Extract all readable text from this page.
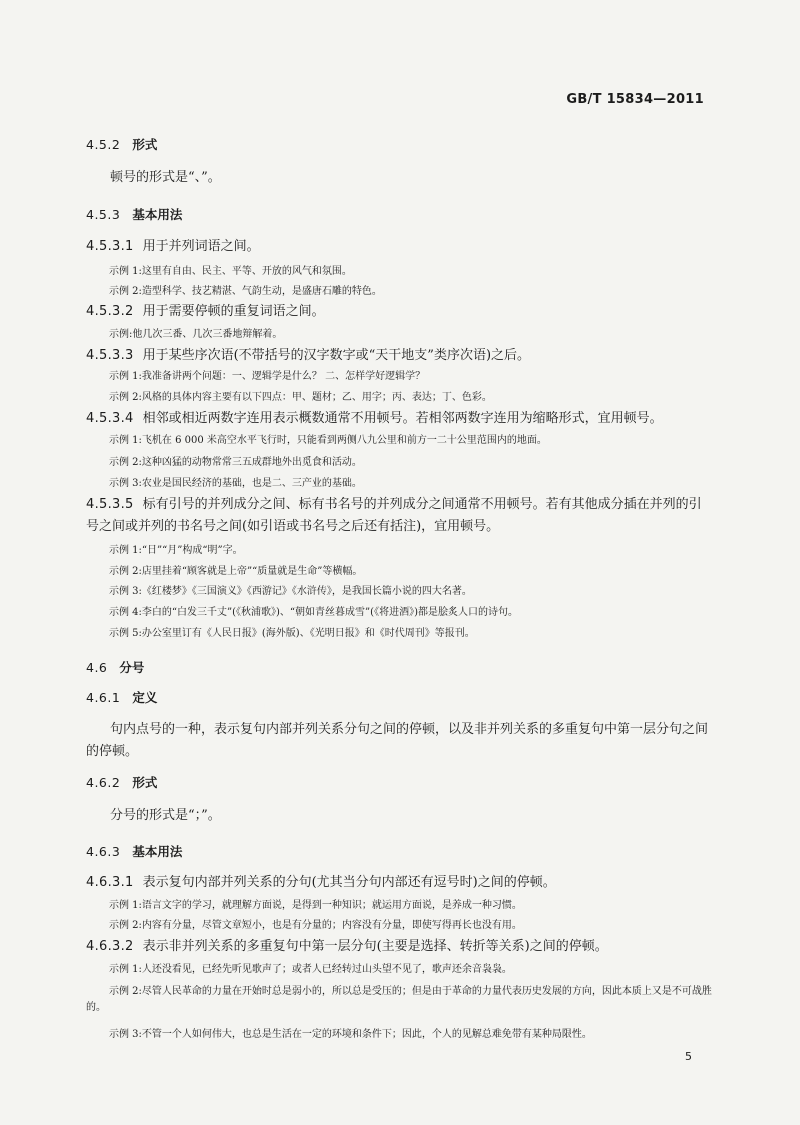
GB/T 15834—2011
4.5.2 形式
顿号的形式是“、”。
4.5.3 基本用法
4.5.3.1 用于并列词语之间。
示例 1:这里有自由、民主、平等、开放的风气和氛围。
示例 2:造型科学、技艺精湛、气韵生动，是盛唐石雕的特色。
4.5.3.2 用于需要停顿的重复词语之间。
示例:他几次三番、几次三番地辩解着。
4.5.3.3 用于某些序次语(不带括号的汉字数字或“天干地支”类序次语)之后。
示例 1:我准备讲两个问题：一、逻辑学是什么？ 二、怎样学好逻辑学？
示例 2:风格的具体内容主要有以下四点：甲、题材；乙、用字；丙、表达；丁、色彩。
4.5.3.4 相邻或相近两数字连用表示概数通常不用顿号。若相邻两数字连用为缩略形式，宜用顿号。
示例 1:飞机在 6 000 米高空水平飞行时，只能看到两侧八九公里和前方一二十公里范围内的地面。
示例 2:这种凶猛的动物常常三五成群地外出觅食和活动。
示例 3:农业是国民经济的基础，也是二、三产业的基础。
4.5.3.5 标有引号的并列成分之间、标有书名号的并列成分之间通常不用顿号。若有其他成分插在并列的引号之间或并列的书名号之间(如引语或书名号之后还有括注)，宜用顿号。
示例 1:“日”“月”构成“明”字。
示例 2:店里挂着“顾客就是上帝”“质量就是生命”等横幅。
示例 3:《红楼梦》《三国演义》《西游记》《水浒传》，是我国长篇小说的四大名著。
示例 4:李白的“白发三千丈”(《秋浦歌》)、“朝如青丝暮成雪”(《将进酒》)都是脍炙人口的诗句。
示例 5:办公室里订有《人民日报》(海外版)、《光明日报》和《时代周刊》等报刊。
4.6 分号
4.6.1 定义
句内点号的一种，表示复句内部并列关系分句之间的停顿，以及非并列关系的多重复句中第一层分句之间的停顿。
4.6.2 形式
分号的形式是“；”。
4.6.3 基本用法
4.6.3.1 表示复句内部并列关系的分句(尤其当分句内部还有逗号时)之间的停顿。
示例 1:语言文字的学习，就理解方面说，是得到一种知识；就运用方面说，是养成一种习惯。
示例 2:内容有分量，尽管文章短小，也是有分量的；内容没有分量，即使写得再长也没有用。
4.6.3.2 表示非并列关系的多重复句中第一层分句(主要是选择、转折等关系)之间的停顿。
示例 1:人还没看见，已经先听见歌声了；或者人已经转过山头望不见了，歌声还余音袅袅。
示例 2:尽管人民革命的力量在开始时总是弱小的，所以总是受压的；但是由于革命的力量代表历史发展的方向，因此本质上又是不可战胜的。
示例 3:不管一个人如何伟大，也总是生活在一定的环境和条件下；因此，个人的见解总难免带有某种局限性。
5
